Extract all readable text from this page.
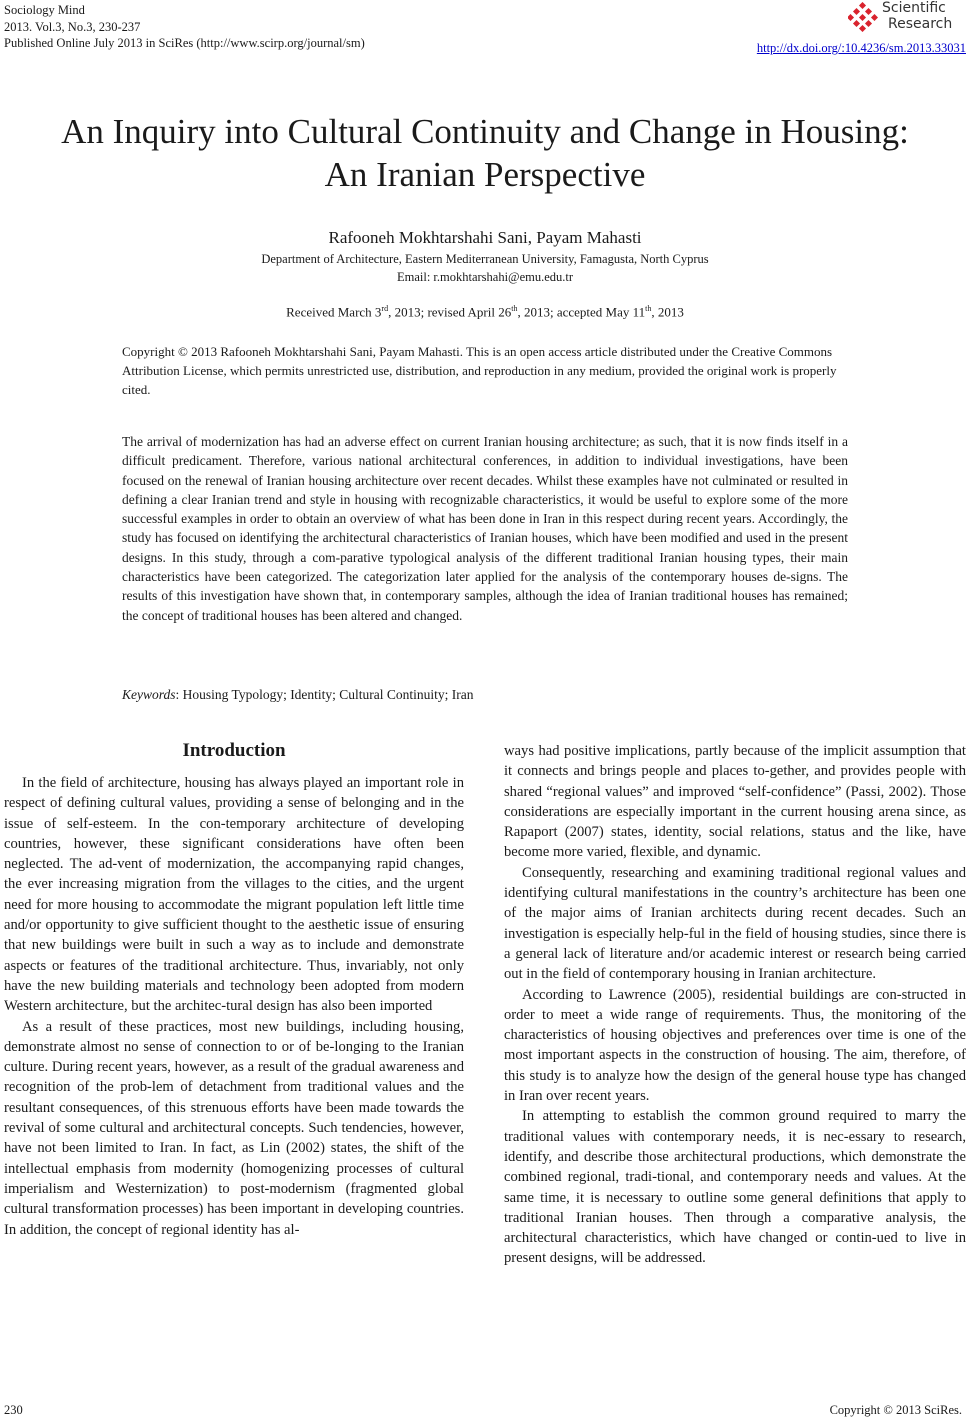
Sociology Mind
2013. Vol.3, No.3, 230-237
Published Online July 2013 in SciRes (http://www.scirp.org/journal/sm)
Scientific
Research
http://dx.doi.org/:10.4236/sm.2013.33031
An Inquiry into Cultural Continuity and Change in Housing:
An Iranian Perspective
Rafooneh Mokhtarshahi Sani, Payam Mahasti
Department of Architecture, Eastern Mediterranean University, Famagusta, North Cyprus
Email: r.mokhtarshahi@emu.edu.tr
Received March 3rd, 2013; revised April 26th, 2013; accepted May 11th, 2013
Copyright © 2013 Rafooneh Mokhtarshahi Sani, Payam Mahasti. This is an open access article distributed under the Creative Commons Attribution License, which permits unrestricted use, distribution, and reproduction in any medium, provided the original work is properly cited.
The arrival of modernization has had an adverse effect on current Iranian housing architecture; as such, that it is now finds itself in a difficult predicament. Therefore, various national architectural conferences, in addition to individual investigations, have been focused on the renewal of Iranian housing architecture over recent decades. Whilst these examples have not culminated or resulted in defining a clear Iranian trend and style in housing with recognizable characteristics, it would be useful to explore some of the more successful examples in order to obtain an overview of what has been done in Iran in this respect during recent years. Accordingly, the study has focused on identifying the architectural characteristics of Iranian houses, which have been modified and used in the present designs. In this study, through a com-parative typological analysis of the different traditional Iranian housing types, their main characteristics have been categorized. The categorization later applied for the analysis of the contemporary houses de-signs. The results of this investigation have shown that, in contemporary samples, although the idea of Iranian traditional houses has remained; the concept of traditional houses has been altered and changed.
Keywords: Housing Typology; Identity; Cultural Continuity; Iran
Introduction

In the field of architecture, housing has always played an important role in respect of defining cultural values, providing a sense of belonging and in the issue of self-esteem. In the con-temporary architecture of developing countries, however, these significant considerations have often been neglected. The ad-vent of modernization, the accompanying rapid changes, the ever increasing migration from the villages to the cities, and the urgent need for more housing to accommodate the migrant population left little time and/or opportunity to give sufficient thought to the aesthetic issue of ensuring that new buildings were built in such a way as to include and demonstrate aspects or features of the traditional architecture. Thus, invariably, not only have the new building materials and technology been adopted from modern Western architecture, but the architec-tural design has also been imported

As a result of these practices, most new buildings, including housing, demonstrate almost no sense of connection to or of be-longing to the Iranian culture. During recent years, however, as a result of the gradual awareness and recognition of the prob-lem of detachment from traditional values and the resultant consequences, of this strenuous efforts have been made towards the revival of some cultural and architectural concepts. Such tendencies, however, have not been limited to Iran. In fact, as Lin (2002) states, the shift of the intellectual emphasis from modernity (homogenizing processes of cultural imperialism and Westernization) to post-modernism (fragmented global cultural transformation processes) has been important in developing countries. In addition, the concept of regional identity has al-

ways had positive implications, partly because of the implicit assumption that it connects and brings people and places to-gether, and provides people with shared “regional values” and improved “self-confidence” (Passi, 2002). Those considerations are especially important in the current housing arena since, as Rapaport (2007) states, identity, social relations, status and the like, have become more varied, flexible, and dynamic.

Consequently, researching and examining traditional regional values and identifying cultural manifestations in the country’s architecture has been one of the major aims of Iranian architects during recent decades. Such an investigation is especially help-ful in the field of housing studies, since there is a general lack of literature and/or academic interest or research being carried out in the field of contemporary housing in Iranian architecture.

According to Lawrence (2005), residential buildings are con-structed in order to meet a wide range of requirements. Thus, the monitoring of the characteristics of housing objectives and preferences over time is one of the most important aspects in the construction of housing. The aim, therefore, of this study is to analyze how the design of the general house type has changed in Iran over recent years.

In attempting to establish the common ground required to marry the traditional values with contemporary needs, it is nec-essary to research, identify, and describe those architectural productions, which demonstrate the combined regional, tradi-tional, and contemporary needs and values. At the same time, it is necessary to outline some general definitions that apply to traditional Iranian houses. Then through a comparative analysis, the architectural characteristics, which have changed or contin-ued to live in present designs, will be addressed.

230	Copyright © 2013 SciRes.
